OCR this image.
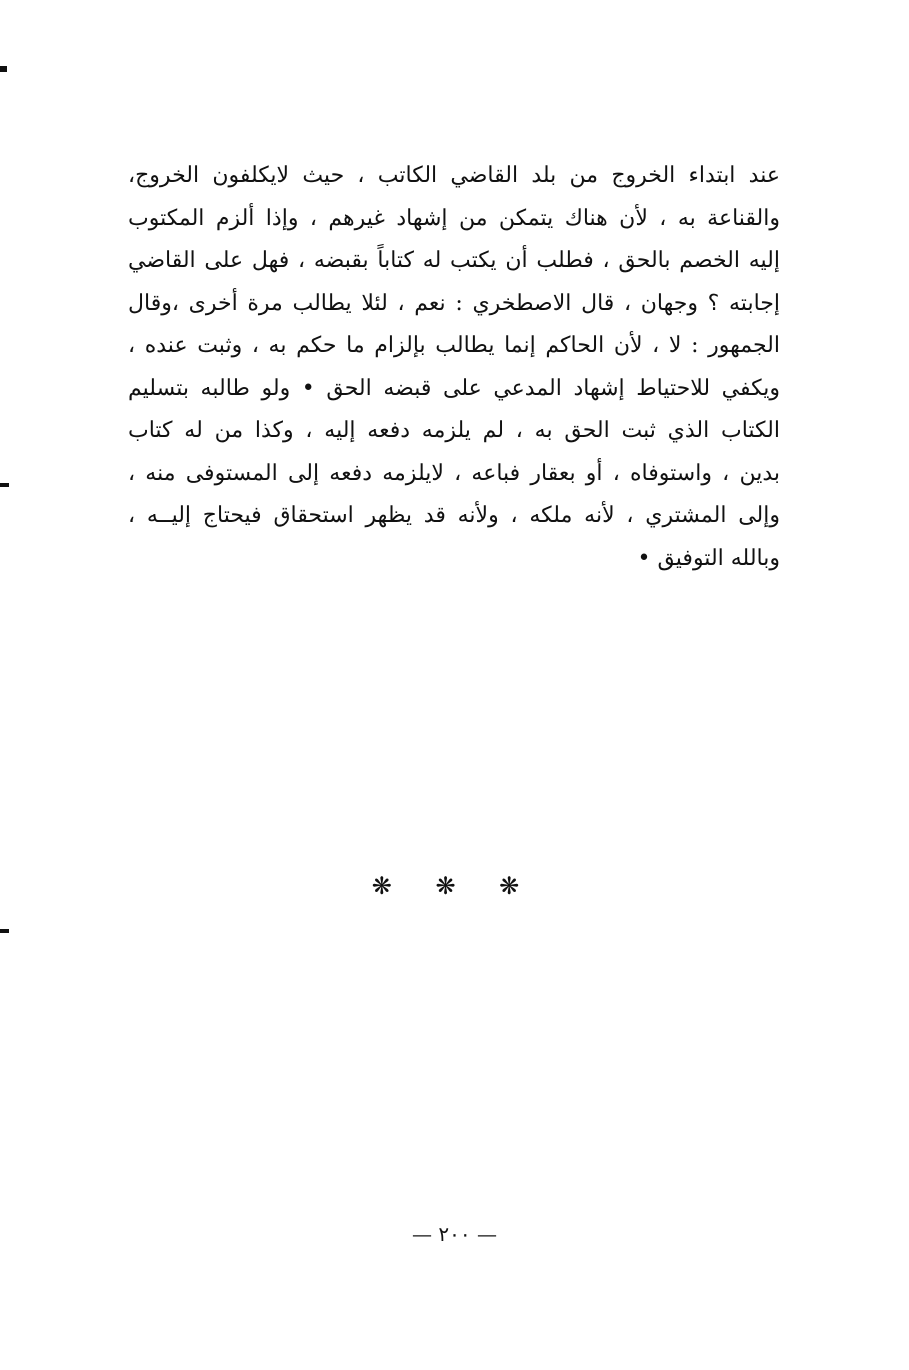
عند ابتداء الخروج من بلد القاضي الكاتب ، حيث لايكلفون الخروج،
والقناعة به ، لأن هناك يتمكن من إشهاد غيرهم ، وإذا ألزم المكتوب
إليه الخصم بالحق ، فطلب أن يكتب له كتاباً بقبضه ، فهل على القاضي
إجابته ؟ وجهان ، قال الاصطخري : نعم ، لئلا يطالب مرة أخرى ،وقال
الجمهور : لا ، لأن الحاكم إنما يطالب بإلزام ما حكم به ، وثبت عنده ،
ويكفي للاحتياط إشهاد المدعي على قبضه الحق • ولو طالبه بتسليم
الكتاب الذي ثبت الحق به ، لم يلزمه دفعه إليه ، وكذا من له كتاب
بدين ، واستوفاه ، أو بعقار فباعه ، لايلزمه دفعه إلى المستوفى منه ،
وإلى المشتري ، لأنه ملكه ، ولأنه قد يظهر استحقاق فيحتاج إليــه ،
وبالله التوفيق •
❋ ❋ ❋
— ٢٠٠ —
